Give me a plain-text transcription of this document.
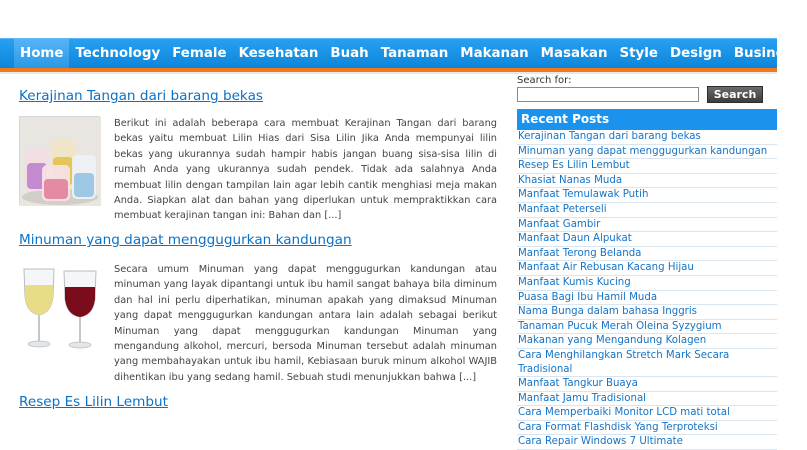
Home Technology Female Kesehatan Buah Tanaman Makanan Masakan Style Design Business
Kerajinan Tangan dari barang bekas

Berikut ini adalah beberapa cara membuat Kerajinan Tangan dari barang bekas yaitu membuat Lilin Hias dari Sisa Lilin Jika Anda mempunyai lilin bekas yang ukurannya sudah hampir habis jangan buang sisa-sisa lilin di rumah Anda yang ukurannya sudah pendek. Tidak ada salahnya Anda membuat lilin dengan tampilan lain agar lebih cantik menghiasi meja makan Anda. Siapkan alat dan bahan yang diperlukan untuk mempraktikkan cara membuat kerajinan tangan ini: Bahan dan [...]

Minuman yang dapat menggugurkan kandungan

Secara umum Minuman yang dapat menggugurkan kandungan atau minuman yang layak dipantangi untuk ibu hamil sangat bahaya bila diminum dan hal ini perlu diperhatikan, minuman apakah yang dimaksud Minuman yang dapat menggugurkan kandungan antara lain adalah sebagai berikut Minuman yang dapat menggugurkan kandungan Minuman yang mengandung alkohol, mercuri, bersoda Minuman tersebut adalah minuman yang membahayakan untuk ibu hamil, Kebiasaan buruk minum alkohol WAJIB dihentikan ibu yang sedang hamil. Sebuah studi menunjukkan bahwa [...]

Resep Es Lilin Lembut
Search for:
Search
Recent Posts
Kerajinan Tangan dari barang bekas
Minuman yang dapat menggugurkan kandungan
Resep Es Lilin Lembut
Khasiat Nanas Muda
Manfaat Temulawak Putih
Manfaat Peterseli
Manfaat Gambir
Manfaat Daun Alpukat
Manfaat Terong Belanda
Manfaat Air Rebusan Kacang Hijau
Manfaat Kumis Kucing
Puasa Bagi Ibu Hamil Muda
Nama Bunga dalam bahasa Inggris
Tanaman Pucuk Merah Oleina Syzygium
Makanan yang Mengandung Kolagen
Cara Menghilangkan Stretch Mark Secara Tradisional
Manfaat Tangkur Buaya
Manfaat Jamu Tradisional
Cara Memperbaiki Monitor LCD mati total
Cara Format Flashdisk Yang Terproteksi
Cara Repair Windows 7 Ultimate
